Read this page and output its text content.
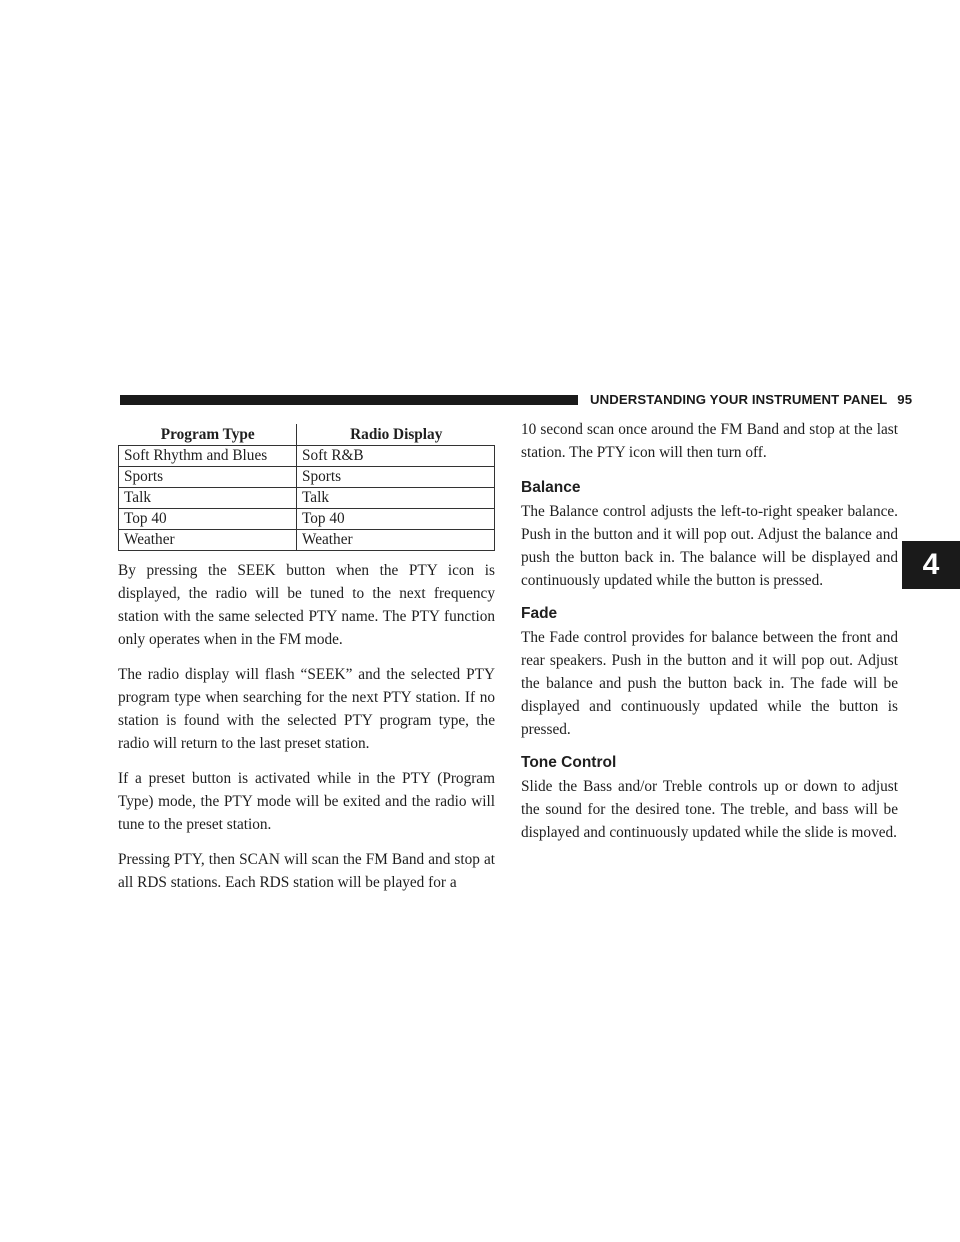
UNDERSTANDING YOUR INSTRUMENT PANEL 95
4
Program Type	Radio Display
Soft Rhythm and Blues	Soft R&B
Sports	Sports
Talk	Talk
Top 40	Top 40
Weather	Weather

By pressing the SEEK button when the PTY icon is displayed, the radio will be tuned to the next frequency station with the same selected PTY name. The PTY function only operates when in the FM mode.

The radio display will flash “SEEK” and the selected PTY program type when searching for the next PTY station. If no station is found with the selected PTY program type, the radio will return to the last preset station.

If a preset button is activated while in the PTY (Program Type) mode, the PTY mode will be exited and the radio will tune to the preset station.

Pressing PTY, then SCAN will scan the FM Band and stop at all RDS stations. Each RDS station will be played for a

10 second scan once around the FM Band and stop at the last station. The PTY icon will then turn off.

Balance

The Balance control adjusts the left-to-right speaker balance. Push in the button and it will pop out. Adjust the balance and push the button back in. The balance will be displayed and continuously updated while the button is pressed.

Fade

The Fade control provides for balance between the front and rear speakers. Push in the button and it will pop out. Adjust the balance and push the button back in. The fade will be displayed and continuously updated while the button is pressed.

Tone Control

Slide the Bass and/or Treble controls up or down to adjust the sound for the desired tone. The treble, and bass will be displayed and continuously updated while the slide is moved.
